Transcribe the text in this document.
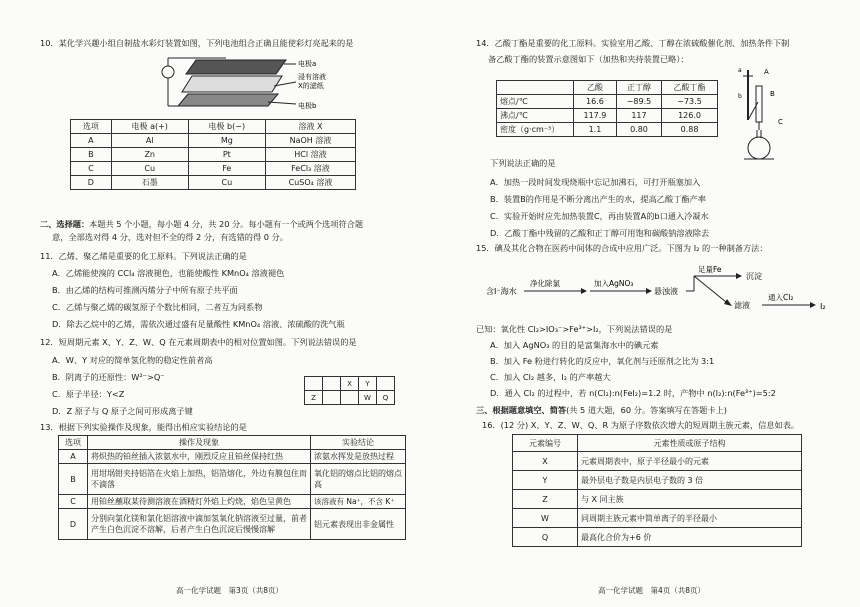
10．某化学兴趣小组自制盐水彩灯装置如图，下列电池组合正确且能使彩灯亮起来的是
电极a
浸有溶液
X的滤纸
电极b
选项	电极 a(+)	电极 b(−)	溶液 X
A	Al	Mg	NaOH 溶液
B	Zn	Pt	HCl 溶液
C	Cu	Fe	FeCl₃ 溶液
D	石墨	Cu	CuSO₄ 溶液
二、选择题：本题共 5 个小题，每小题 4 分，共 20 分。每小题有一个或两个选项符合题
意，全部选对得 4 分，选对但不全的得 2 分，有选错的得 0 分。
11．乙烯、聚乙烯是重要的化工原料。下列说法正确的是
A．乙烯能使溴的 CCl₄ 溶液褪色，也能使酸性 KMnO₄ 溶液褪色
B．由乙烯的结构可推测丙烯分子中所有原子共平面
C．乙烯与聚乙烯的碳氢原子个数比相同，二者互为同系物
D．除去乙烷中的乙烯，需依次通过盛有足量酸性 KMnO₄ 溶液、浓硫酸的洗气瓶
12．短周期元素 X、Y、Z、W、Q 在元素周期表中的相对位置如图。下列说法错误的是
A．W、Y 对应的简单氢化物的稳定性前者高
B．阴离子的还原性：W²⁻>Q⁻
C．原子半径：Y<Z
D．Z 原子与 Q 原子之间可形成离子键
		X	Y	
Z			W	Q
13．根据下列实验操作及现象，能得出相应实验结论的是
选项	操作及现象	实验结论
A	将炽热的铂丝插入浓氨水中，刚烈反应且铂丝保持红热	浓氨水挥发是放热过程
B	用坩埚钳夹持铝箔在火焰上加热，铝箔熔化，外边有膜包住而不滴落	氧化铝的熔点比铝的熔点高
C	用铂丝蘸取某待测溶液在酒精灯外焰上灼烧，焰色呈黄色	该溶液有 Na⁺，不含 K⁺
D	分别向氯化镁和氯化铝溶液中滴加氢氧化钠溶液至过量，前者产生白色沉淀不溶解，后者产生白色沉淀后慢慢溶解	铝元素表现出非金属性
高一化学试题　第3页（共8页）
14．乙酸丁酯是重要的化工原料。实验室用乙酸、丁醇在浓硫酸催化剂、加热条件下制
备乙酸丁酯的装置示意图如下（加热和夹持装置已略）：
	乙酸	正丁醇	乙酸丁酯
熔点/℃	16.6	−89.5	−73.5
沸点/℃	117.9	117	126.0
密度（g·cm⁻³）	1.1	0.80	0.88
a
b
A
B
C
下列说法正确的是
A．加热一段时间发现烧瓶中忘记加沸石，可打开瓶塞加入
B．装置B的作用是不断分离出产生的水，提高乙酸丁酯产率
C．实验开始时应先加热装置C，再由装置A的b口通入冷凝水
D．乙酸丁酯中残留的乙酸和正丁醇可用饱和碳酸钠溶液除去
15．碘及其化合物在医药中间体的合成中应用广泛。下图为 I₂ 的一种制备方法：
含I⁻海水
净化除氯	加入AgNO₃
悬浊液
足量Fe
沉淀
滤液
通入Cl₂
I₂
已知：氧化性 Cl₂>IO₃⁻>Fe³⁺>I₂，下列说法错误的是
A．加入 AgNO₃ 的目的是富集海水中的碘元素
B．加入 Fe 粉进行转化的反应中，氧化剂与还原剂之比为 3:1
C．加入 Cl₂ 越多，I₂ 的产率越大
D．通入 Cl₂ 的过程中，若 n(Cl₂):n(FeI₂)=1.2 时，产物中 n(I₂):n(Fe³⁺)=5:2
三、根据题意填空、简答(共 5 道大题，60 分。答案填写在答题卡上)
16．(12 分) X、Y、Z、W、Q、R 为原子序数依次增大的短周期主族元素，信息如表。
元素编号	元素性质或原子结构
X	元素周期表中，原子半径最小的元素
Y	最外层电子数是内层电子数的 3 倍
Z	与 X 同主族
W	同周期主族元素中简单离子的半径最小
Q	最高化合价为+6 价
高一化学试题　第4页（共8页）
